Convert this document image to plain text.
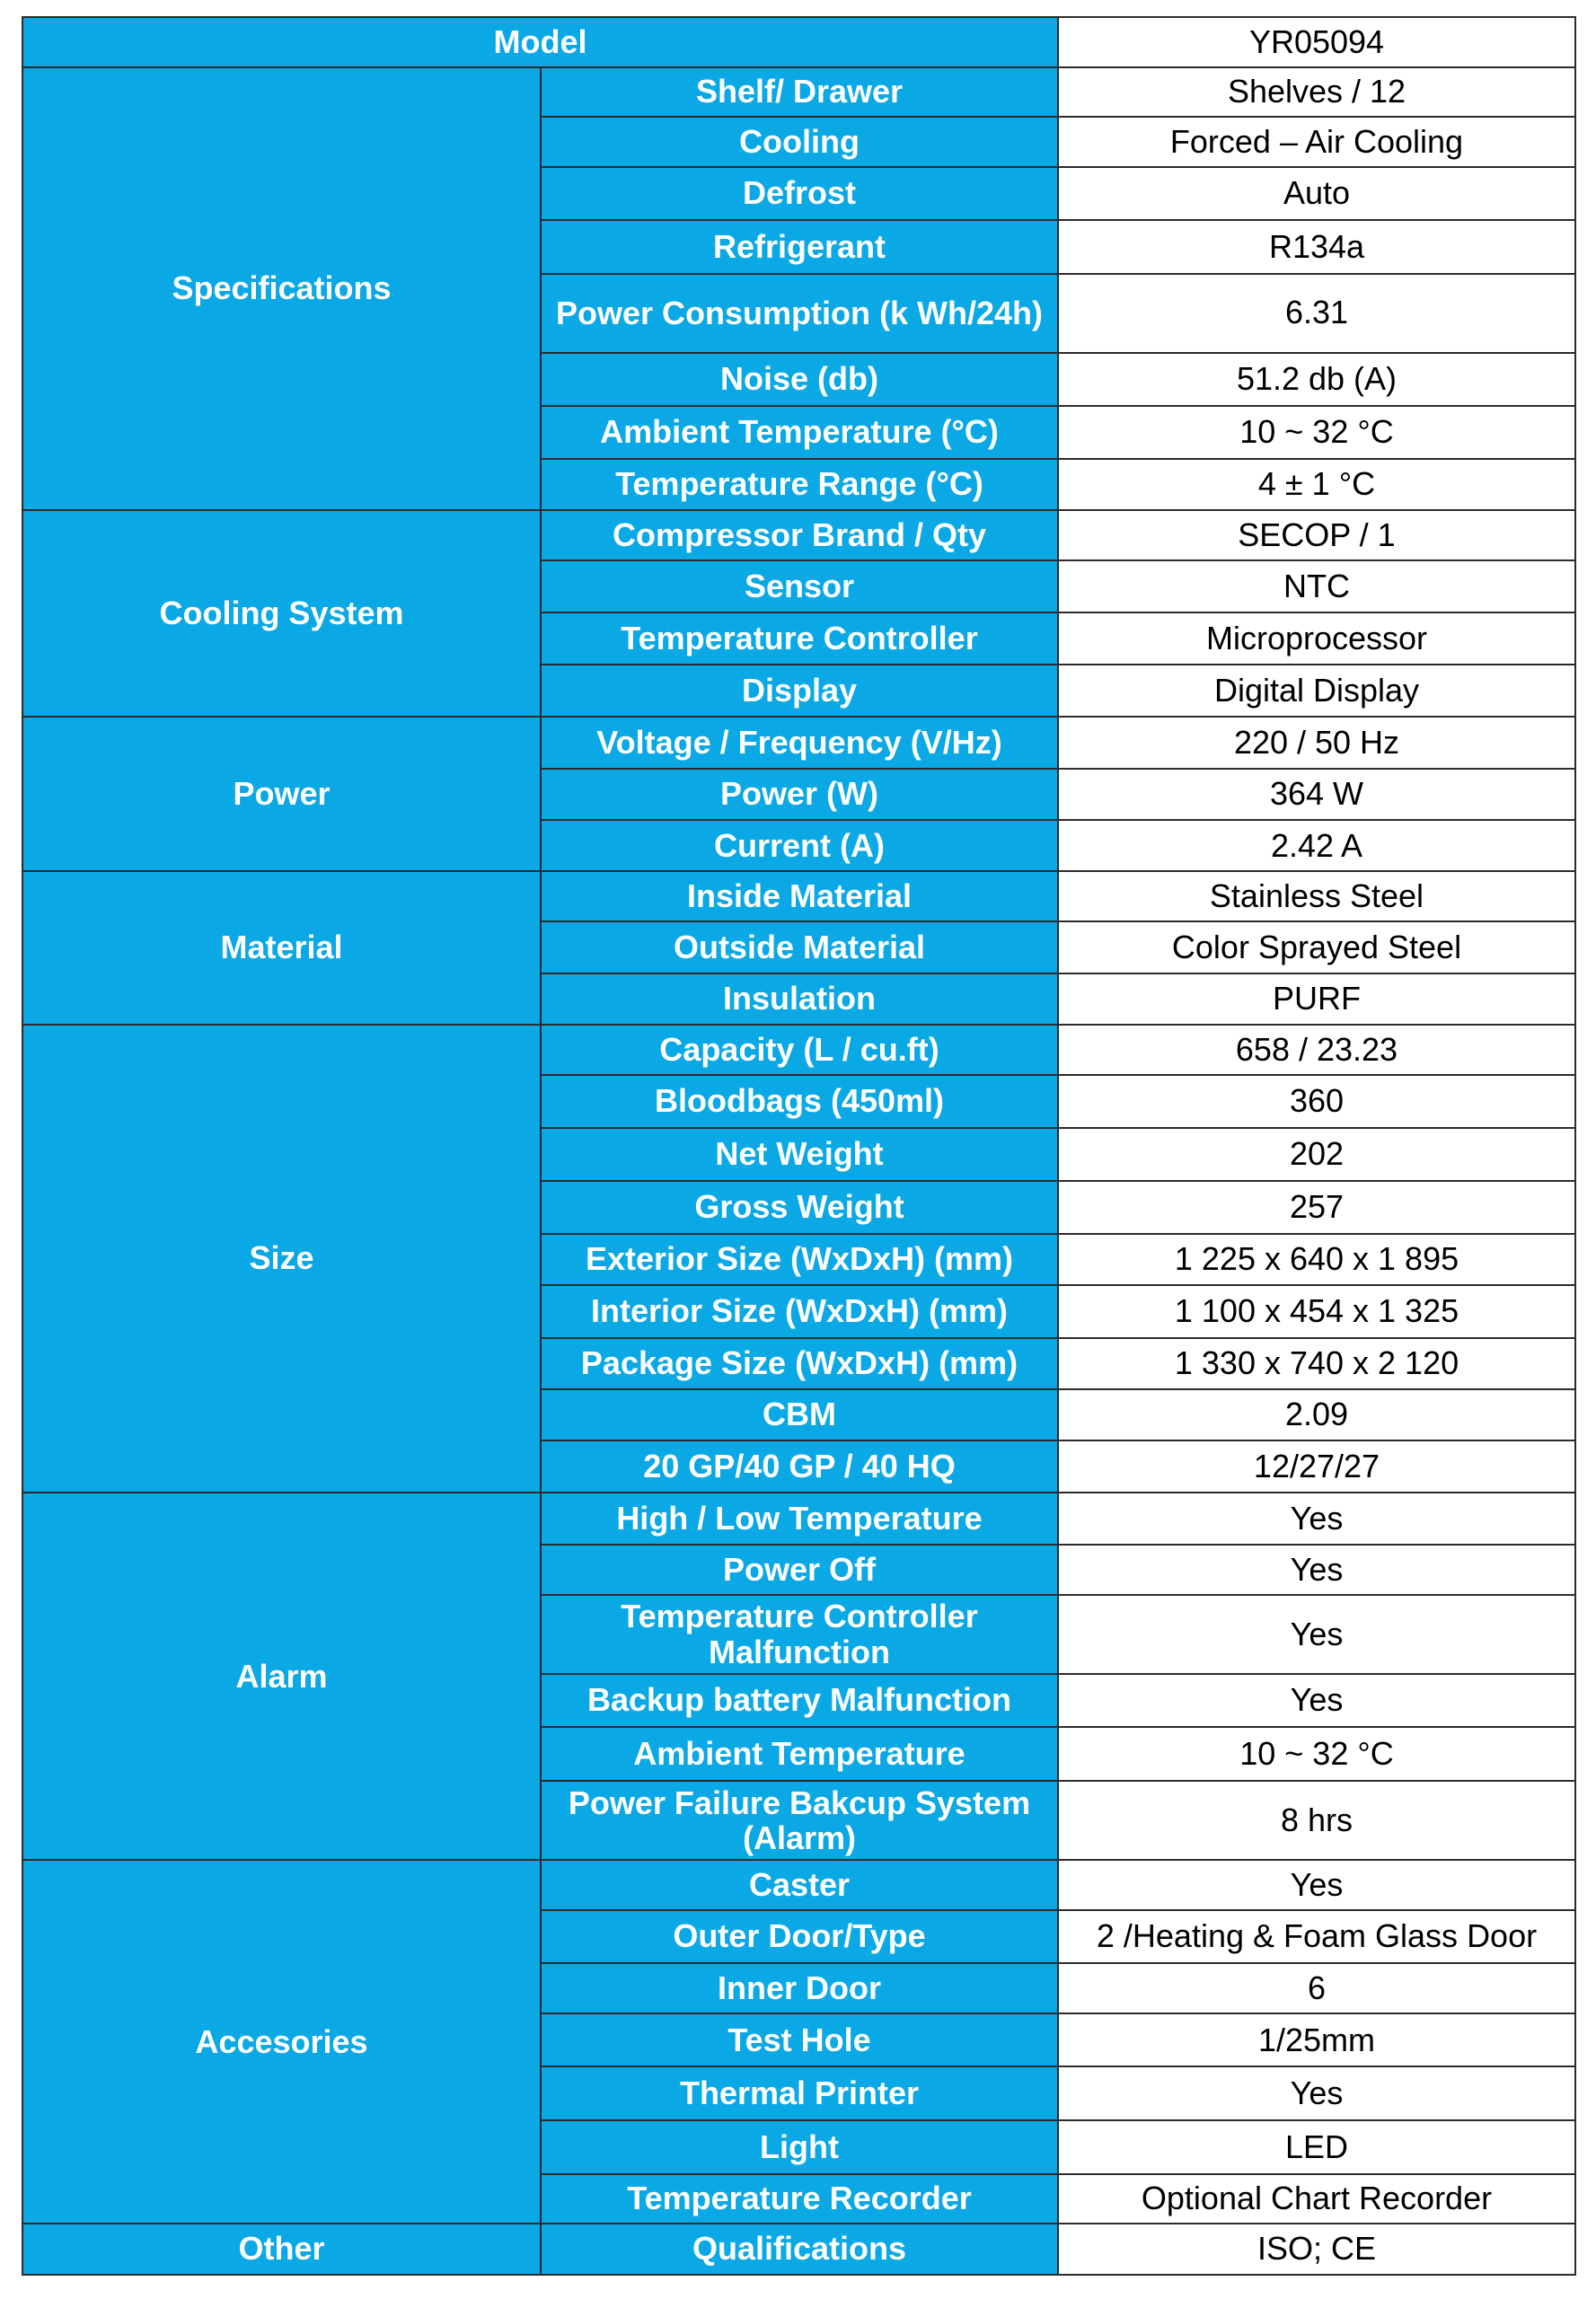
Model		YR05094
Specifications	Shelf/ Drawer	Shelves / 12
	Cooling	Forced – Air Cooling
	Defrost	Auto
	Refrigerant	R134a
	Power Consumption (k Wh/24h)	6.31
	Noise (db)	51.2 db (A)
	Ambient Temperature (°C)	10 ~ 32 °C
	Temperature Range (°C)	4 ± 1 °C
Cooling System	Compressor Brand / Qty	SECOP / 1
	Sensor	NTC
	Temperature Controller	Microprocessor
	Display	Digital Display
Power	Voltage / Frequency (V/Hz)	220 / 50 Hz
	Power (W)	364 W
	Current (A)	2.42 A
Material	Inside Material	Stainless Steel
	Outside Material	Color Sprayed Steel
	Insulation	PURF
Size	Capacity (L / cu.ft)	658 / 23.23
	Bloodbags (450ml)	360
	Net Weight	202
	Gross Weight	257
	Exterior Size (WxDxH) (mm)	1 225 x 640 x 1 895
	Interior Size (WxDxH) (mm)	1 100 x 454 x 1 325
	Package Size (WxDxH) (mm)	1 330 x 740 x 2 120
	CBM	2.09
	20 GP/40 GP / 40 HQ	12/27/27
Alarm	High / Low Temperature	Yes
	Power Off	Yes
	Temperature Controller Malfunction	Yes
	Backup battery Malfunction	Yes
	Ambient Temperature	10 ~ 32 °C
	Power Failure Bakcup System (Alarm)	8 hrs
Accesories	Caster	Yes
	Outer Door/Type	2 /Heating & Foam Glass Door
	Inner Door	6
	Test Hole	1/25mm
	Thermal Printer	Yes
	Light	LED
	Temperature Recorder	Optional Chart Recorder
Other	Qualifications	ISO; CE
